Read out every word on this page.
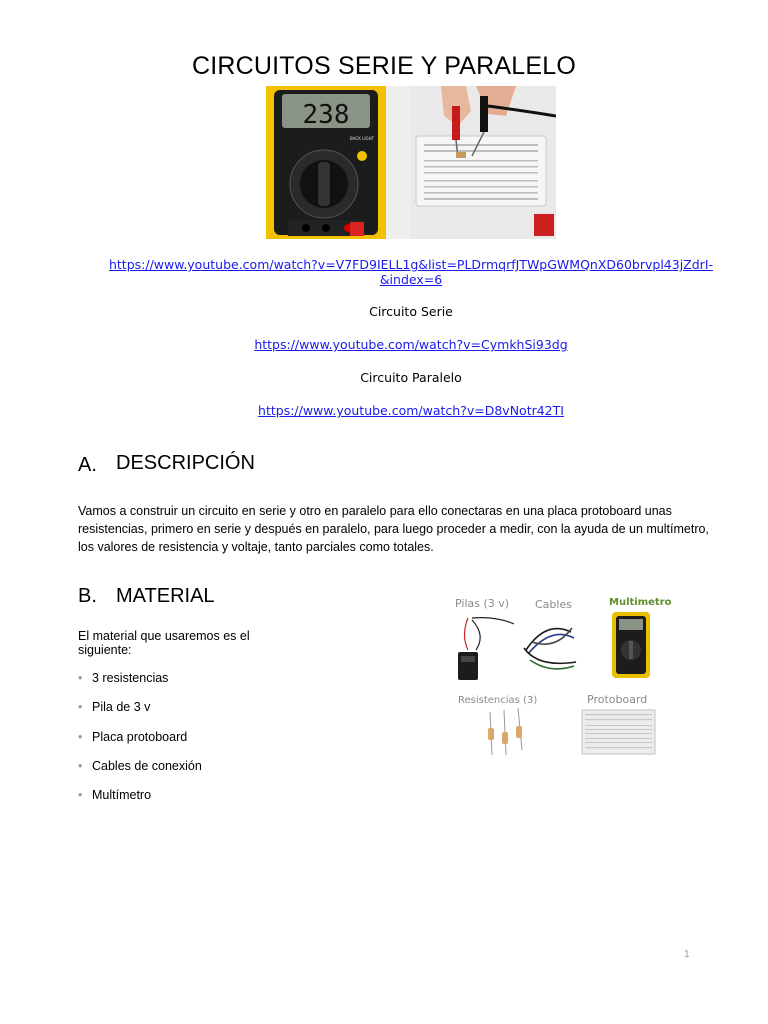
CIRCUITOS SERIE Y PARALELO
238
BACK LIGHT
https://www.youtube.com/watch?v=V7FD9IELL1g&list=PLDrmqrfJTWpGWMQnXD60brvpl43jZdrI-
&index=6
Circuito Serie
https://www.youtube.com/watch?v=CymkhSi93dg
Circuito Paralelo
https://www.youtube.com/watch?v=D8vNotr42TI
A. DESCRIPCIÓN
Vamos a construir un circuito en serie y otro en paralelo para ello conectaras en una placa protoboard unas resistencias, primero en serie y después en paralelo, para luego proceder a medir, con la ayuda de un multímetro, los valores de resistencia y voltaje, tanto parciales como totales.
B. MATERIAL
El material que usaremos es el siguiente:
• 3 resistencias
• Pila de 3 v
• Placa protoboard
• Cables de conexión
• Multímetro
Pilas (3 v) Cables	Multimetro
Resistencias (3)	Protoboard
1
